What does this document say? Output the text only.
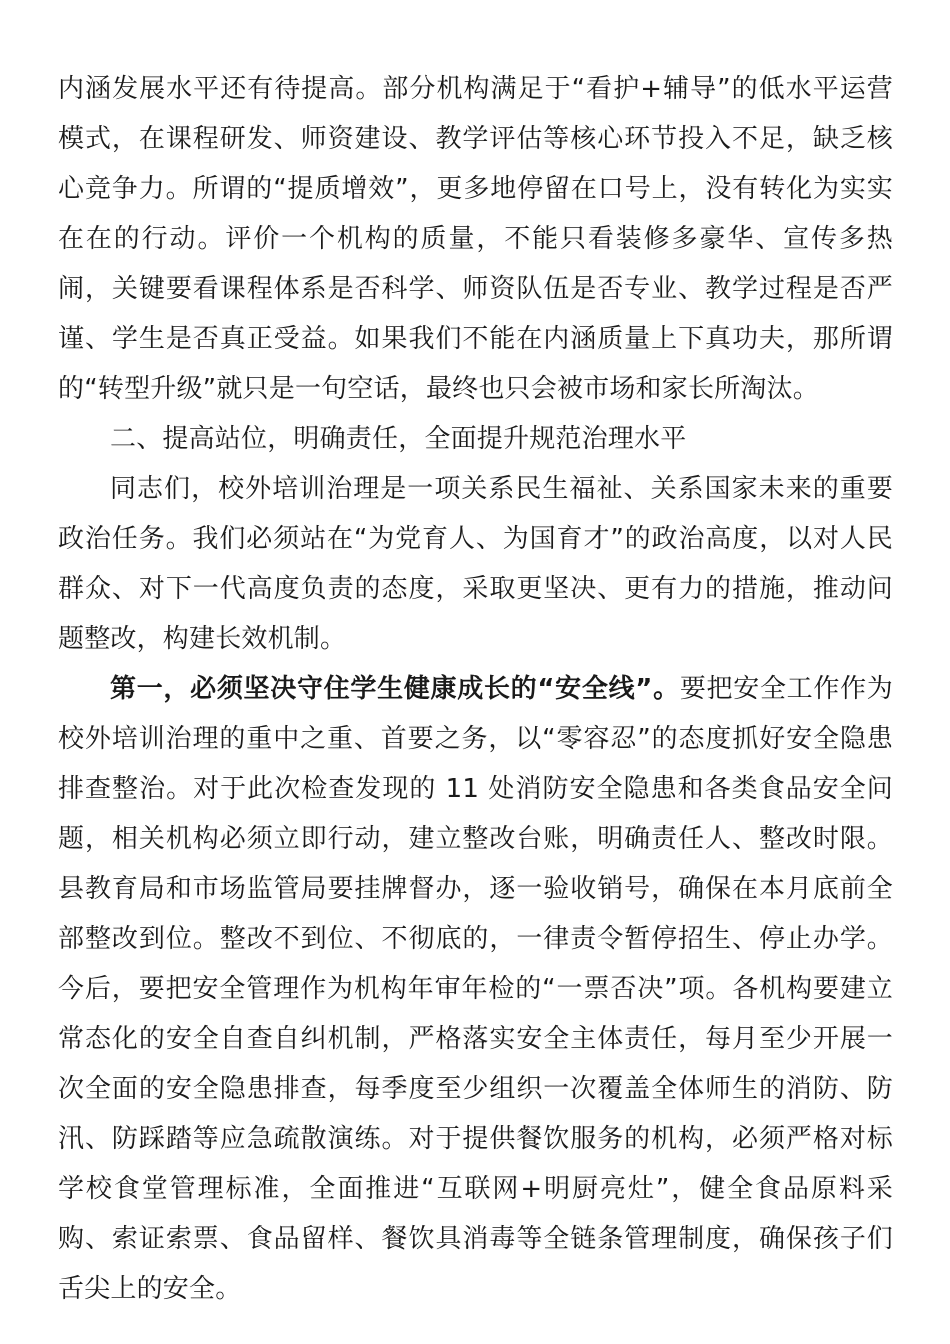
内涵发展水平还有待提高。部分机构满足于“看护+辅导”的低水平运营模式，在课程研发、师资建设、教学评估等核心环节投入不足，缺乏核心竞争力。所谓的“提质增效”，更多地停留在口号上，没有转化为实实在在的行动。评价一个机构的质量，不能只看装修多豪华、宣传多热闹，关键要看课程体系是否科学、师资队伍是否专业、教学过程是否严谨、学生是否真正受益。如果我们不能在内涵质量上下真功夫，那所谓的“转型升级”就只是一句空话，最终也只会被市场和家长所淘汰。

二、提高站位，明确责任，全面提升规范治理水平

同志们，校外培训治理是一项关系民生福祉、关系国家未来的重要政治任务。我们必须站在“为党育人、为国育才”的政治高度，以对人民群众、对下一代高度负责的态度，采取更坚决、更有力的措施，推动问题整改，构建长效机制。

第一，必须坚决守住学生健康成长的“安全线”。要把安全工作作为校外培训治理的重中之重、首要之务，以“零容忍”的态度抓好安全隐患排查整治。对于此次检查发现的 11 处消防安全隐患和各类食品安全问题，相关机构必须立即行动，建立整改台账，明确责任人、整改时限。县教育局和市场监管局要挂牌督办，逐一验收销号，确保在本月底前全部整改到位。整改不到位、不彻底的，一律责令暂停招生、停止办学。今后，要把安全管理作为机构年审年检的“一票否决”项。各机构要建立常态化的安全自查自纠机制，严格落实安全主体责任，每月至少开展一次全面的安全隐患排查，每季度至少组织一次覆盖全体师生的消防、防汛、防踩踏等应急疏散演练。对于提供餐饮服务的机构，必须严格对标学校食堂管理标准，全面推进“互联网+明厨亮灶”，健全食品原料采购、索证索票、食品留样、餐饮具消毒等全链条管理制度，确保孩子们舌尖上的安全。
